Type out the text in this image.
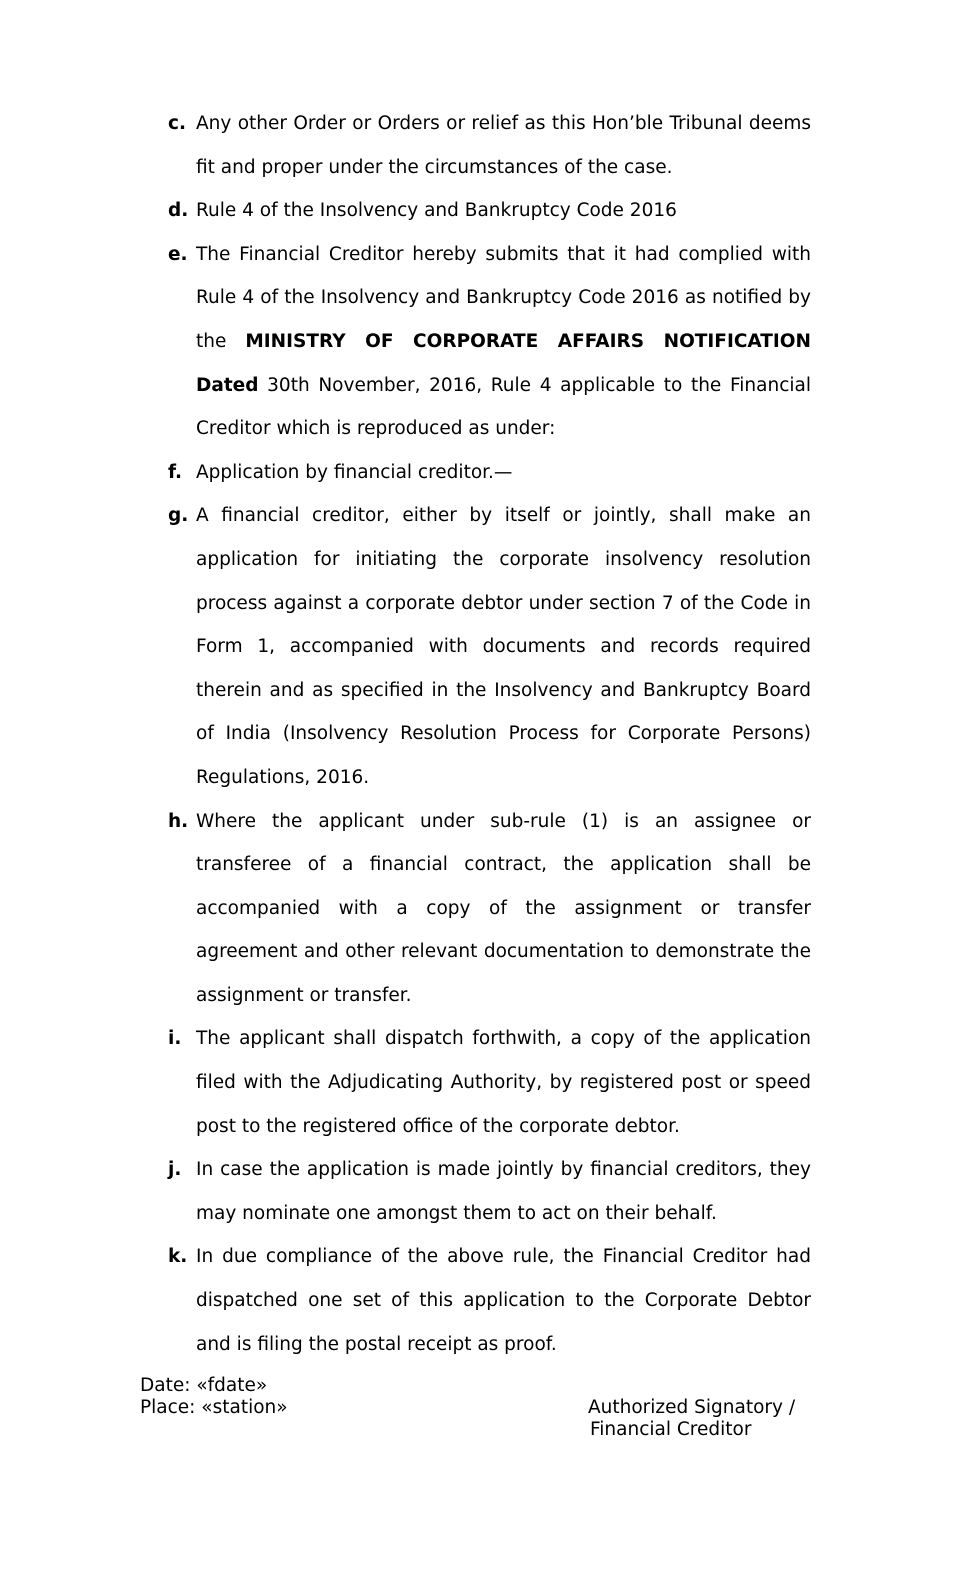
c. Any other Order or Orders or relief as this Hon’ble Tribunal deems fit and proper under the circumstances of the case.
d. Rule 4 of the Insolvency and Bankruptcy Code 2016
e. The Financial Creditor hereby submits that it had complied with Rule 4 of the Insolvency and Bankruptcy Code 2016 as notified by the MINISTRY OF CORPORATE AFFAIRS NOTIFICATION Dated 30th November, 2016, Rule 4 applicable to the Financial Creditor which is reproduced as under:
f. Application by financial creditor.—
g. A financial creditor, either by itself or jointly, shall make an application for initiating the corporate insolvency resolution process against a corporate debtor under section 7 of the Code in Form 1, accompanied with documents and records required therein and as specified in the Insolvency and Bankruptcy Board of India (Insolvency Resolution Process for Corporate Persons) Regulations, 2016.
h. Where the applicant under sub-rule (1) is an assignee or transferee of a financial contract, the application shall be accompanied with a copy of the assignment or transfer agreement and other relevant documentation to demonstrate the assignment or transfer.
i. The applicant shall dispatch forthwith, a copy of the application filed with the Adjudicating Authority, by registered post or speed post to the registered office of the corporate debtor.
j. In case the application is made jointly by financial creditors, they may nominate one amongst them to act on their behalf.
k. In due compliance of the above rule, the Financial Creditor had dispatched one set of this application to the Corporate Debtor and is filing the postal receipt as proof.
Date: «fdate»
Place: «station»	Authorized Signatory /
Financial Creditor
